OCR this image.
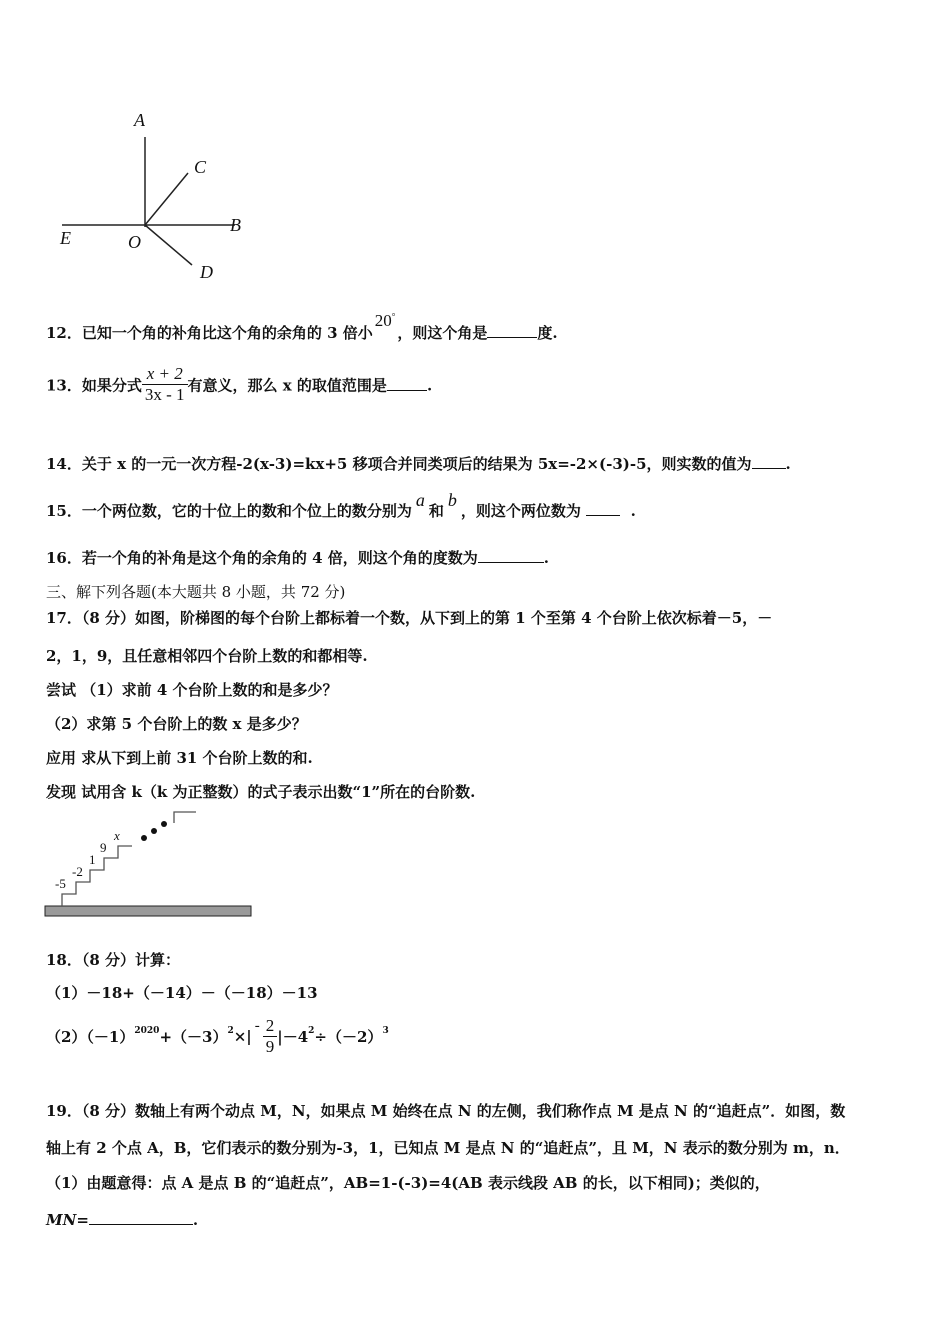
A
C
B
E	O
D
12．已知一个角的补角比这个角的余角的 3 倍小20°，则这个角是	度.
13．如果分式 $\frac{x + 2}{3x - 1}$ 有意义，那么 x 的取值范围是	.
14．关于 x 的一元一次方程-2(x-3)=kx+5 移项合并同类项后的结果为 5x=-2×(-3)-5，则实数的值为 .
15．一个两位数，它的十位上的数和个位上的数分别为a和b，则这个两位数为	.
16．若一个角的补角是这个角的余角的 4 倍，则这个角的度数为	.
三、解下列各题(本大题共 8 小题，共 72 分)
17．（8 分）如图，阶梯图的每个台阶上都标着一个数，从下到上的第 1 个至第 4 个台阶上依次标着－5，－
2，1，9，且任意相邻四个台阶上数的和都相等.
尝试 （1）求前 4 个台阶上数的和是多少？
（2）求第 5 个台阶上的数 x 是多少？
应用 求从下到上前 31 个台阶上数的和.
发现 试用含 k（k 为正整数）的式子表示出数“1”所在的台阶数.
-5
-2
1
9
x
18．（8 分）计算：
（1）－18+（－14）－（－18）－13
$(2)(-1)^{2020}+(-3)^2\times|- \frac{2}{9} |-4^2\div(-2)^3$
19．（8 分）数轴上有两个动点 M，N，如果点 M 始终在点 N 的左侧，我们称作点 M 是点 N 的“追赶点”．如图，数
轴上有 2 个点 A，B，它们表示的数分别为-3，1，已知点 M 是点 N 的“追赶点”，且 M，N 表示的数分别为 m，n．
（1）由题意得：点 A 是点 B 的“追赶点”，AB=1-(-3)=4(AB 表示线段 AB 的长，以下相同)；类似的，
MN=	.
